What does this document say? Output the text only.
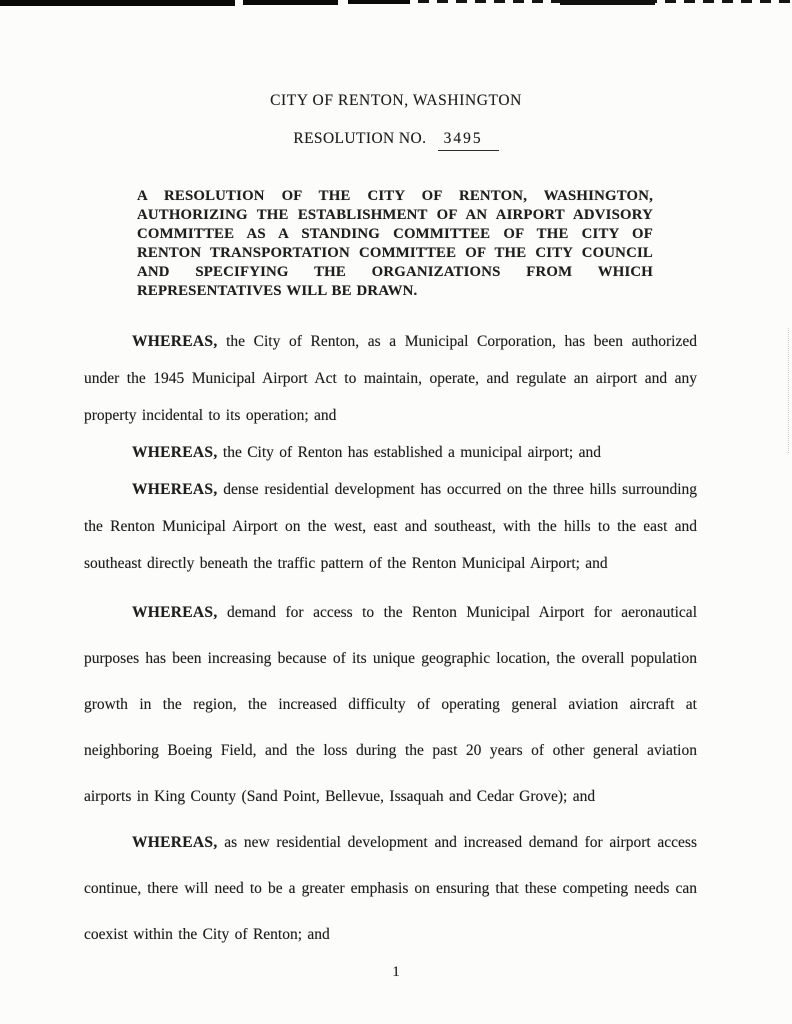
CITY OF RENTON, WASHINGTON
RESOLUTION NO. 3495

A RESOLUTION OF THE CITY OF RENTON, WASHINGTON, AUTHORIZING THE ESTABLISHMENT OF AN AIRPORT ADVISORY COMMITTEE AS A STANDING COMMITTEE OF THE CITY OF RENTON TRANSPORTATION COMMITTEE OF THE CITY COUNCIL AND SPECIFYING THE ORGANIZATIONS FROM WHICH REPRESENTATIVES WILL BE DRAWN.

WHEREAS, the City of Renton, as a Municipal Corporation, has been authorized under the 1945 Municipal Airport Act to maintain, operate, and regulate an airport and any property incidental to its operation; and

WHEREAS, the City of Renton has established a municipal airport; and

WHEREAS, dense residential development has occurred on the three hills surrounding the Renton Municipal Airport on the west, east and southeast, with the hills to the east and southeast directly beneath the traffic pattern of the Renton Municipal Airport; and

WHEREAS, demand for access to the Renton Municipal Airport for aeronautical purposes has been increasing because of its unique geographic location, the overall population growth in the region, the increased difficulty of operating general aviation aircraft at neighboring Boeing Field, and the loss during the past 20 years of other general aviation airports in King County (Sand Point, Bellevue, Issaquah and Cedar Grove); and

WHEREAS, as new residential development and increased demand for airport access continue, there will need to be a greater emphasis on ensuring that these competing needs can coexist within the City of Renton; and

1
